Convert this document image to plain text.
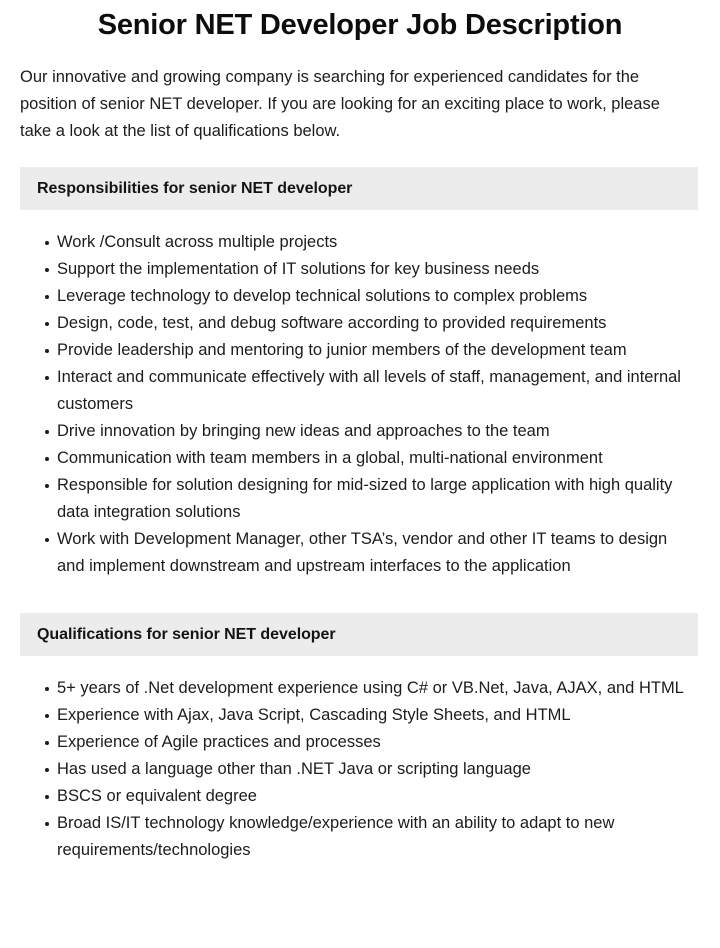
Senior NET Developer Job Description

Our innovative and growing company is searching for experienced candidates for the position of senior NET developer. If you are looking for an exciting place to work, please take a look at the list of qualifications below.

Responsibilities for senior NET developer
Work /Consult across multiple projects
Support the implementation of IT solutions for key business needs
Leverage technology to develop technical solutions to complex problems
Design, code, test, and debug software according to provided requirements
Provide leadership and mentoring to junior members of the development team
Interact and communicate effectively with all levels of staff, management, and internal customers
Drive innovation by bringing new ideas and approaches to the team
Communication with team members in a global, multi-national environment
Responsible for solution designing for mid-sized to large application with high quality data integration solutions
Work with Development Manager, other TSA’s, vendor and other IT teams to design and implement downstream and upstream interfaces to the application
Qualifications for senior NET developer
5+ years of .Net development experience using C# or VB.Net, Java, AJAX, and HTML
Experience with Ajax, Java Script, Cascading Style Sheets, and HTML
Experience of Agile practices and processes
Has used a language other than .NET Java or scripting language
BSCS or equivalent degree
Broad IS/IT technology knowledge/experience with an ability to adapt to new requirements/technologies
